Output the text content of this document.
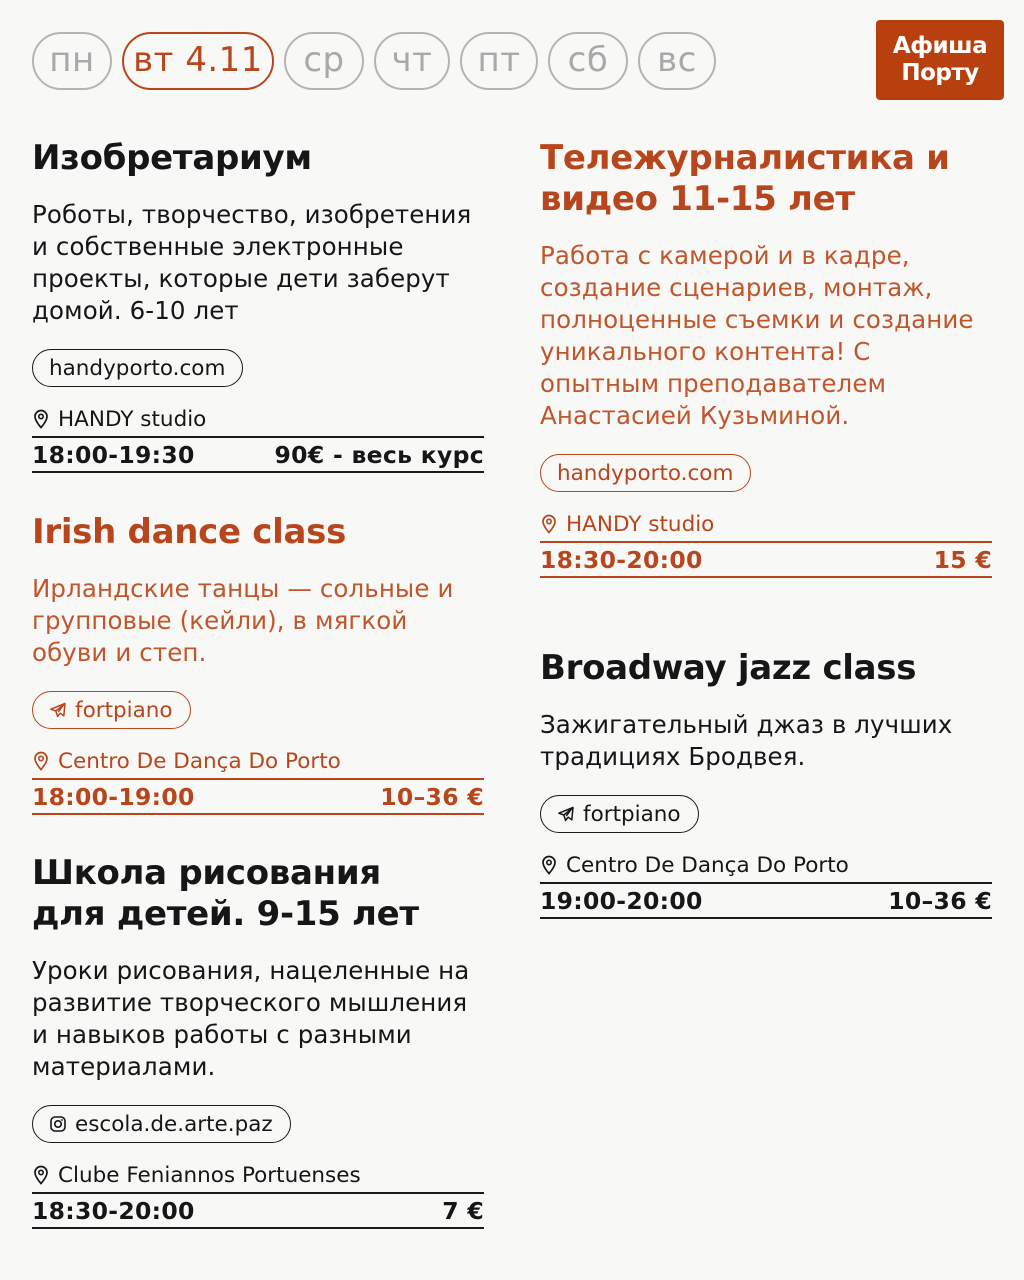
пн	вт 4.11	ср	чт	пт	сб	вс	Афиша
Порту
Изобретариум
Роботы, творчество, изобретения и собственные электронные проекты, которые дети заберут домой. 6-10 лет
handyporto.com
HANDY studio
18:00-19:30	90€ - весь курс
Irish dance class
Ирландские танцы — сольные и групповые (кейли), в мягкой обуви и степ.
fortpiano
Centro De Dança Do Porto
18:00-19:00	10–36 €
Школа рисования для детей. 9-15 лет
Уроки рисования, нацеленные на развитие творческого мышления и навыков работы с разными материалами.
escola.de.arte.paz
Clube Feniannos Portuenses
18:30-20:00	7 €
Тележурналистика и видео 11-15 лет
Работа с камерой и в кадре, создание сценариев, монтаж, полноценные съемки и создание уникального контента! С опытным преподавателем Анастасией Кузьминой.
handyporto.com
HANDY studio
18:30-20:00	15 €
Broadway jazz class
Зажигательный джаз в лучших традициях Бродвея.
fortpiano
Centro De Dança Do Porto
19:00-20:00	10–36 €
